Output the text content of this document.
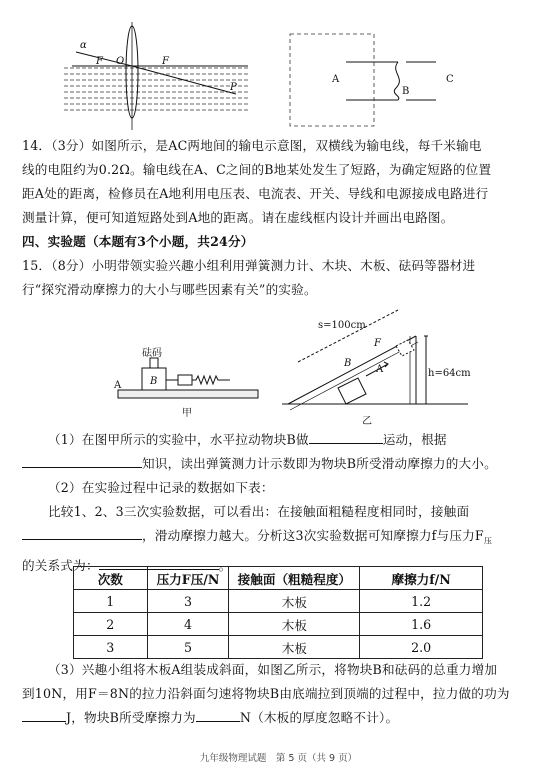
α
F O	F
P
A
B
C
14．（3分）如图所示，是AC两地间的输电示意图，双横线为输电线，每千米输电
线的电阻约为0.2Ω。输电线在A、C之间的B地某处发生了短路，为确定短路的位置
距A处的距离，检修员在A地利用电压表、电流表、开关、导线和电源接成电路进行
测量计算，便可知道短路处到A地的距离。请在虚线框内设计并画出电路图。
四、实验题（本题有3个小题，共24分）
15．（8分）小明带领实验兴趣小组利用弹簧测力计、木块、木板、砝码等器材进
行“探究滑动摩擦力的大小与哪些因素有关”的实验。
砝码
B
A
甲
s=100cm
F
B
A	h=64cm
乙
（1）在图甲所示的实验中，水平拉动物块B做	运动，根据
知识，读出弹簧测力计示数即为物块B所受滑动摩擦力的大小。
（2）在实验过程中记录的数据如下表：
比较1、2、3三次实验数据，可以看出：在接触面粗糙程度相同时，接触面
，滑动摩擦力越大。分析这3次实验数据可知摩擦力f与压力$F_压$
的关系式为：	。
次数	压力F压/N	接触面（粗糙程度）	摩擦力f/N
1	3	木板	1.2
2	4	木板	1.6
3	5	木板	2.0
（3）兴趣小组将木板A组装成斜面，如图乙所示，将物块B和砝码的总重力增加
到10N，用F＝8N的拉力沿斜面匀速将物块B由底端拉到顶端的过程中，拉力做的功为
J，物块B所受摩擦力为	N（木板的厚度忽略不计）。
九年级物理试题　第 5 页（共 9 页）
